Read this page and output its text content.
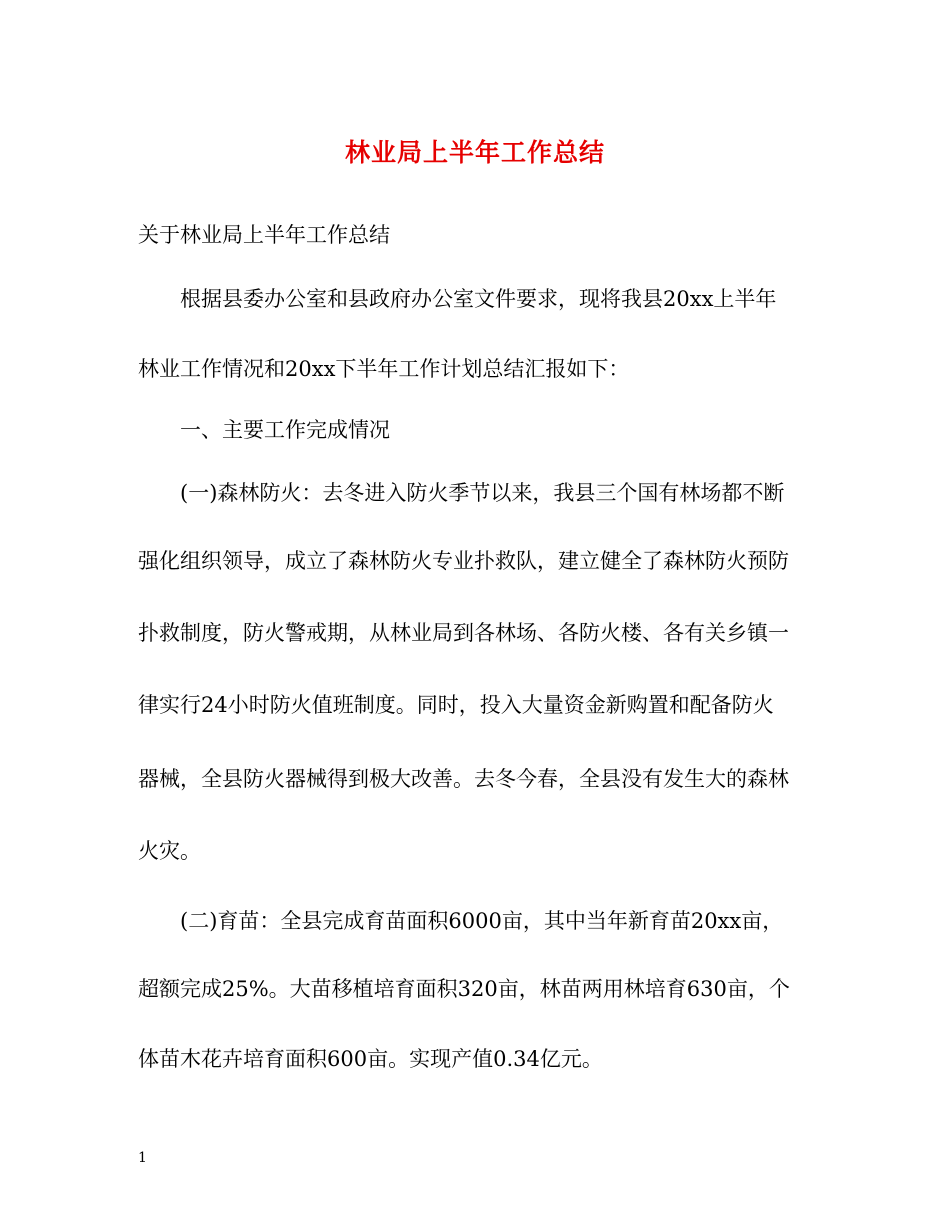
林业局上半年工作总结
关于林业局上半年工作总结
根据县委办公室和县政府办公室文件要求，现将我县20xx上半年
林业工作情况和20xx下半年工作计划总结汇报如下：
一、主要工作完成情况
(一)森林防火：去冬进入防火季节以来，我县三个国有林场都不断
强化组织领导，成立了森林防火专业扑救队，建立健全了森林防火预防
扑救制度，防火警戒期，从林业局到各林场、各防火楼、各有关乡镇一
律实行24小时防火值班制度。同时，投入大量资金新购置和配备防火
器械，全县防火器械得到极大改善。去冬今春，全县没有发生大的森林
火灾。
(二)育苗：全县完成育苗面积6000亩，其中当年新育苗20xx亩，
超额完成25%。大苗移植培育面积320亩，林苗两用林培育630亩，个
体苗木花卉培育面积600亩。实现产值0.34亿元。
1
